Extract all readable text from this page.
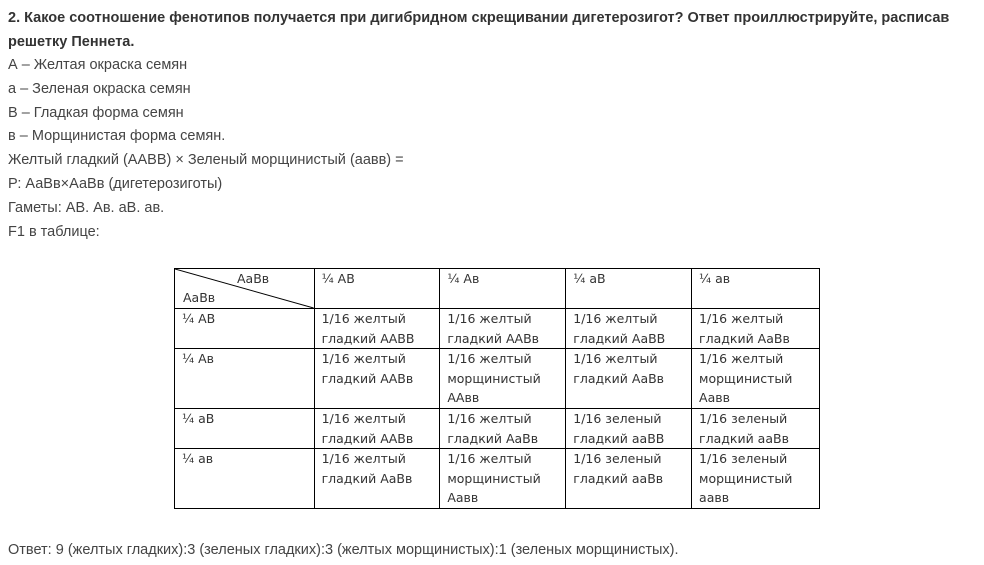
2. Какое соотношение фенотипов получается при дигибридном скрещивании дигетерозигот? Ответ проиллюстрируйте, расписав решетку Пеннета.
А – Желтая окраска семян
а – Зеленая окраска семян
В – Гладкая форма семян
в – Морщинистая форма семян.
Желтый гладкий (ААВВ) × Зеленый морщинистый (аавв) =
Р: АаВв×АаВв (дигетерозиготы)
Гаметы: АВ. Ав. аВ. ав.
F1 в таблице:
АаВв
АаВв	¼ АВ	¼ Ав	¼ аВ	¼ ав
¼ АВ	1/16 желтый гладкий ААВВ	1/16 желтый гладкий ААВв	1/16 желтый гладкий АаВВ	1/16 желтый гладкий АаВв
¼ Ав	1/16 желтый гладкий ААВв	1/16 желтый морщинистый ААвв	1/16 желтый гладкий АаВв	1/16 желтый морщинистый Аавв
¼ аВ	1/16 желтый гладкий ААВв	1/16 желтый гладкий АаВв	1/16 зеленый гладкий ааВВ	1/16 зеленый гладкий ааВв
¼ ав	1/16 желтый гладкий АаВв	1/16 желтый морщинистый Аавв	1/16 зеленый гладкий ааВв	1/16 зеленый морщинистый аавв
Ответ: 9 (желтых гладких):3 (зеленых гладких):3 (желтых морщинистых):1 (зеленых морщинистых).
